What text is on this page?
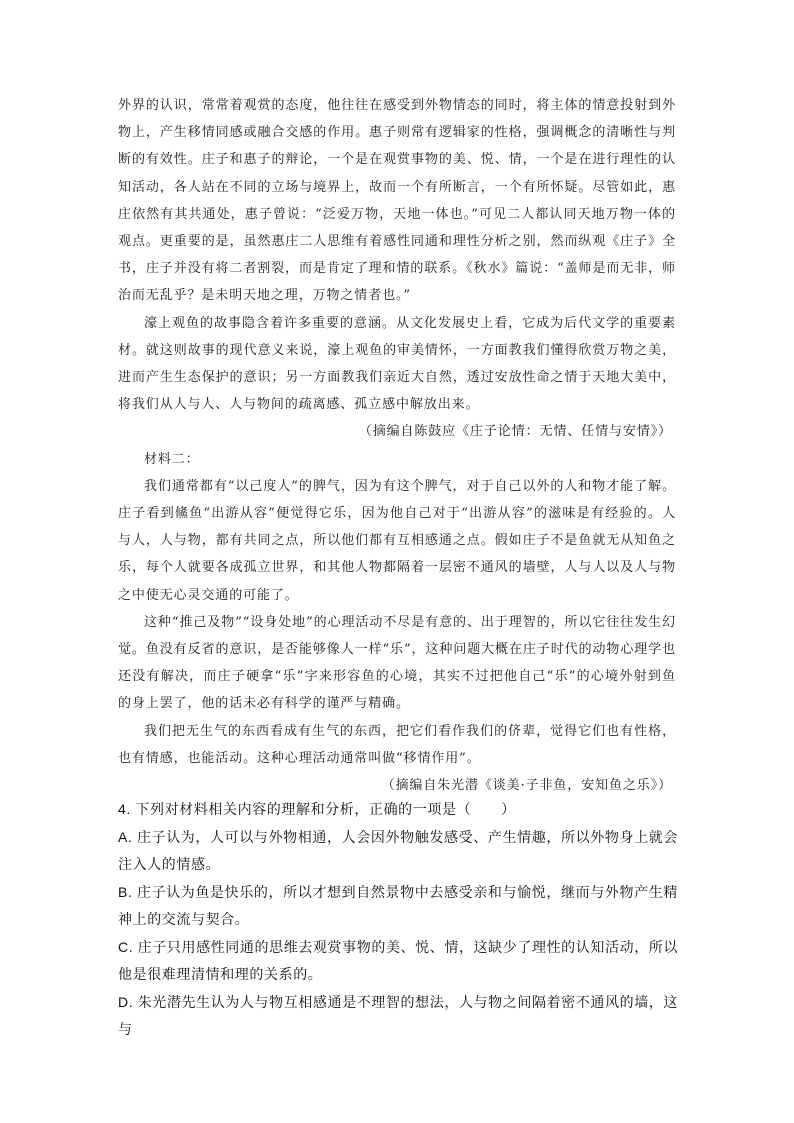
外界的认识，常常着观赏的态度，他往往在感受到外物情态的同时，将主体的情意投射到外物上，产生移情同感或融合交感的作用。惠子则常有逻辑家的性格，强调概念的清晰性与判断的有效性。庄子和惠子的辩论，一个是在观赏事物的美、悦、情，一个是在进行理性的认知活动，各人站在不同的立场与境界上，故而一个有所断言，一个有所怀疑。尽管如此，惠庄依然有其共通处，惠子曾说：“泛爱万物，天地一体也。”可见二人都认同天地万物一体的观点。更重要的是，虽然惠庄二人思维有着感性同通和理性分析之别，然而纵观《庄子》全书，庄子并没有将二者割裂，而是肯定了理和情的联系。《秋水》篇说：“盖师是而无非，师治而无乱乎？是未明天地之理，万物之情者也。”

濠上观鱼的故事隐含着许多重要的意涵。从文化发展史上看，它成为后代文学的重要素材。就这则故事的现代意义来说，濠上观鱼的审美情怀，一方面教我们懂得欣赏万物之美，进而产生生态保护的意识；另一方面教我们亲近大自然，透过安放性命之情于天地大美中，将我们从人与人、人与物间的疏离感、孤立感中解放出来。

（摘编自陈鼓应《庄子论情：无情、任情与安情》）

材料二：

我们通常都有“以己度人”的脾气，因为有这个脾气，对于自己以外的人和物才能了解。庄子看到鯈鱼“出游从容”便觉得它乐，因为他自己对于“出游从容”的滋味是有经验的。人与人，人与物，都有共同之点，所以他们都有互相感通之点。假如庄子不是鱼就无从知鱼之乐，每个人就要各成孤立世界，和其他人物都隔着一层密不通风的墙壁，人与人以及人与物之中使无心灵交通的可能了。

这种“推己及物”“设身处地”的心理活动不尽是有意的、出于理智的，所以它往往发生幻觉。鱼没有反省的意识，是否能够像人一样“乐”，这种问题大概在庄子时代的动物心理学也还没有解决，而庄子硬拿“乐”字来形容鱼的心境，其实不过把他自己“乐”的心境外射到鱼的身上罢了，他的话未必有科学的谨严与精确。

我们把无生气的东西看成有生气的东西，把它们看作我们的侪辈，觉得它们也有性格，也有情感，也能活动。这种心理活动通常叫做“移情作用”。

（摘编自朱光潜《谈美·子非鱼，安知鱼之乐》）

4. 下列对材料相关内容的理解和分析，正确的一项是（ ）

A. 庄子认为，人可以与外物相通，人会因外物触发感受、产生情趣，所以外物身上就会注入人的情感。

B. 庄子认为鱼是快乐的，所以才想到自然景物中去感受亲和与愉悦，继而与外物产生精神上的交流与契合。

C. 庄子只用感性同通的思维去观赏事物的美、悦、情，这缺少了理性的认知活动，所以他是很难理清情和理的关系的。

D. 朱光潜先生认为人与物互相感通是不理智的想法，人与物之间隔着密不通风的墙，这与
